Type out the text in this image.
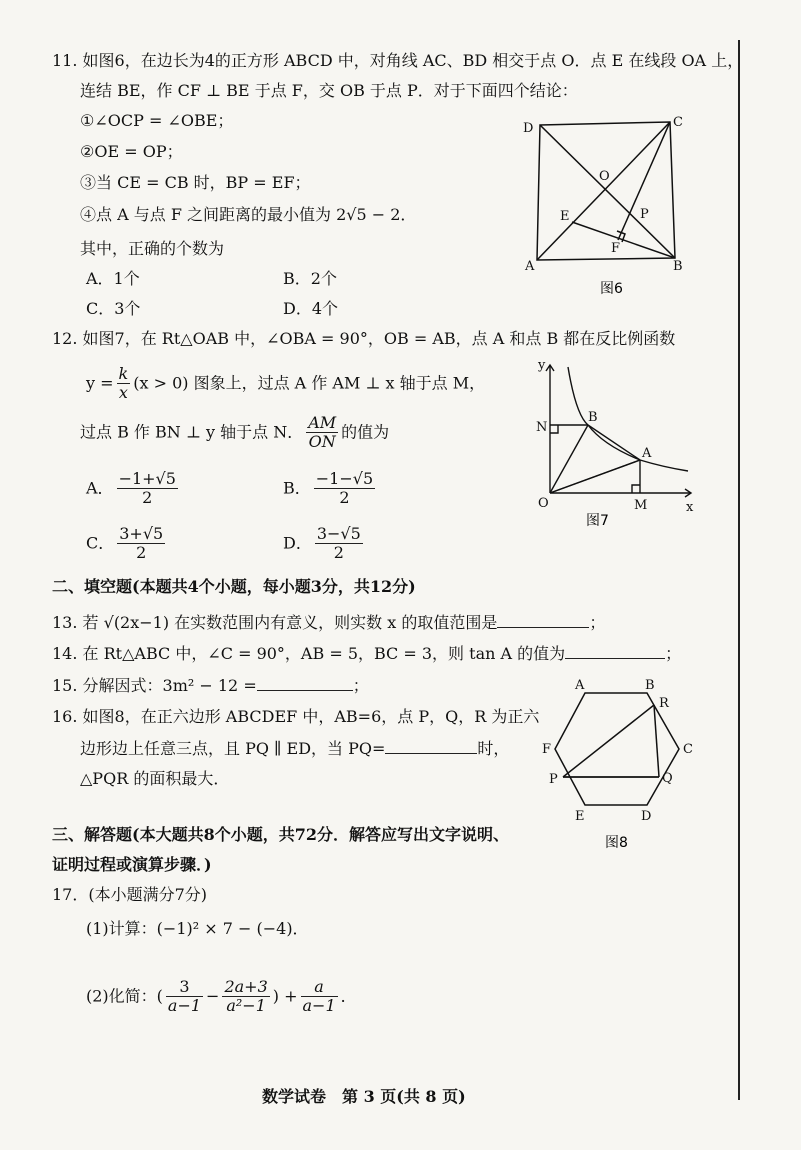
11. 如图6，在边长为4的正方形 ABCD 中，对角线 AC、BD 相交于点 O．点 E 在线段 OA 上，
连结 BE，作 CF ⊥ BE 于点 F，交 OB 于点 P．对于下面四个结论：
①∠OCP = ∠OBE；
②OE = OP；
③当 CE = CB 时，BP = EF；
④点 A 与点 F 之间距离的最小值为 2√5 − 2．
其中，正确的个数为
A．1个	B．2个
C．3个	D．4个
D	C
O
E	P
F
A	B
图6
12. 如图7，在 Rt△OAB 中，∠OBA = 90°，OB = AB，点 A 和点 B 都在反比例函数
$y = \frac{k}{x} (x > 0)$ 图象上，过点 A 作 AM ⊥ x 轴于点 M，
过点 B 作 BN ⊥ y 轴于点 N． $\frac{AM}{ON}$ 的值为
A． $\frac{-1+√5}{2}$	B． $\frac{-1-√5}{2}$
C． $\frac{3+√5}{2}$	D． $\frac{3-√5}{2}$
y
x
O
N
B
A
M
图7
二、填空题(本题共4个小题，每小题3分，共12分)
13. 若 √(2x−1) 在实数范围内有意义，则实数 x 的取值范围是	；
14. 在 Rt△ABC 中，∠C = 90°，AB = 5，BC = 3，则 tan A 的值为	；
15. 分解因式：3m² − 12 =	；
16. 如图8，在正六边形 ABCDEF 中，AB=6，点 P，Q，R 为正六
边形边上任意三点，且 PQ ∥ ED，当 PQ=	时，
△PQR 的面积最大．
A	B
R
C
F
P	Q
E	D
图8
三、解答题(本大题共8个小题，共72分．解答应写出文字说明、
证明过程或演算步骤．)
17．(本小题满分7分)
(1)计算：(−1)² × 7 − (−4)．
(2)化简：( $\frac{3}{a-1} - \frac{2a+3}{\text{a²−1}}$ ) + $\frac{a}{a-1}$ ．
数学试卷　第 3 页(共 8 页)
